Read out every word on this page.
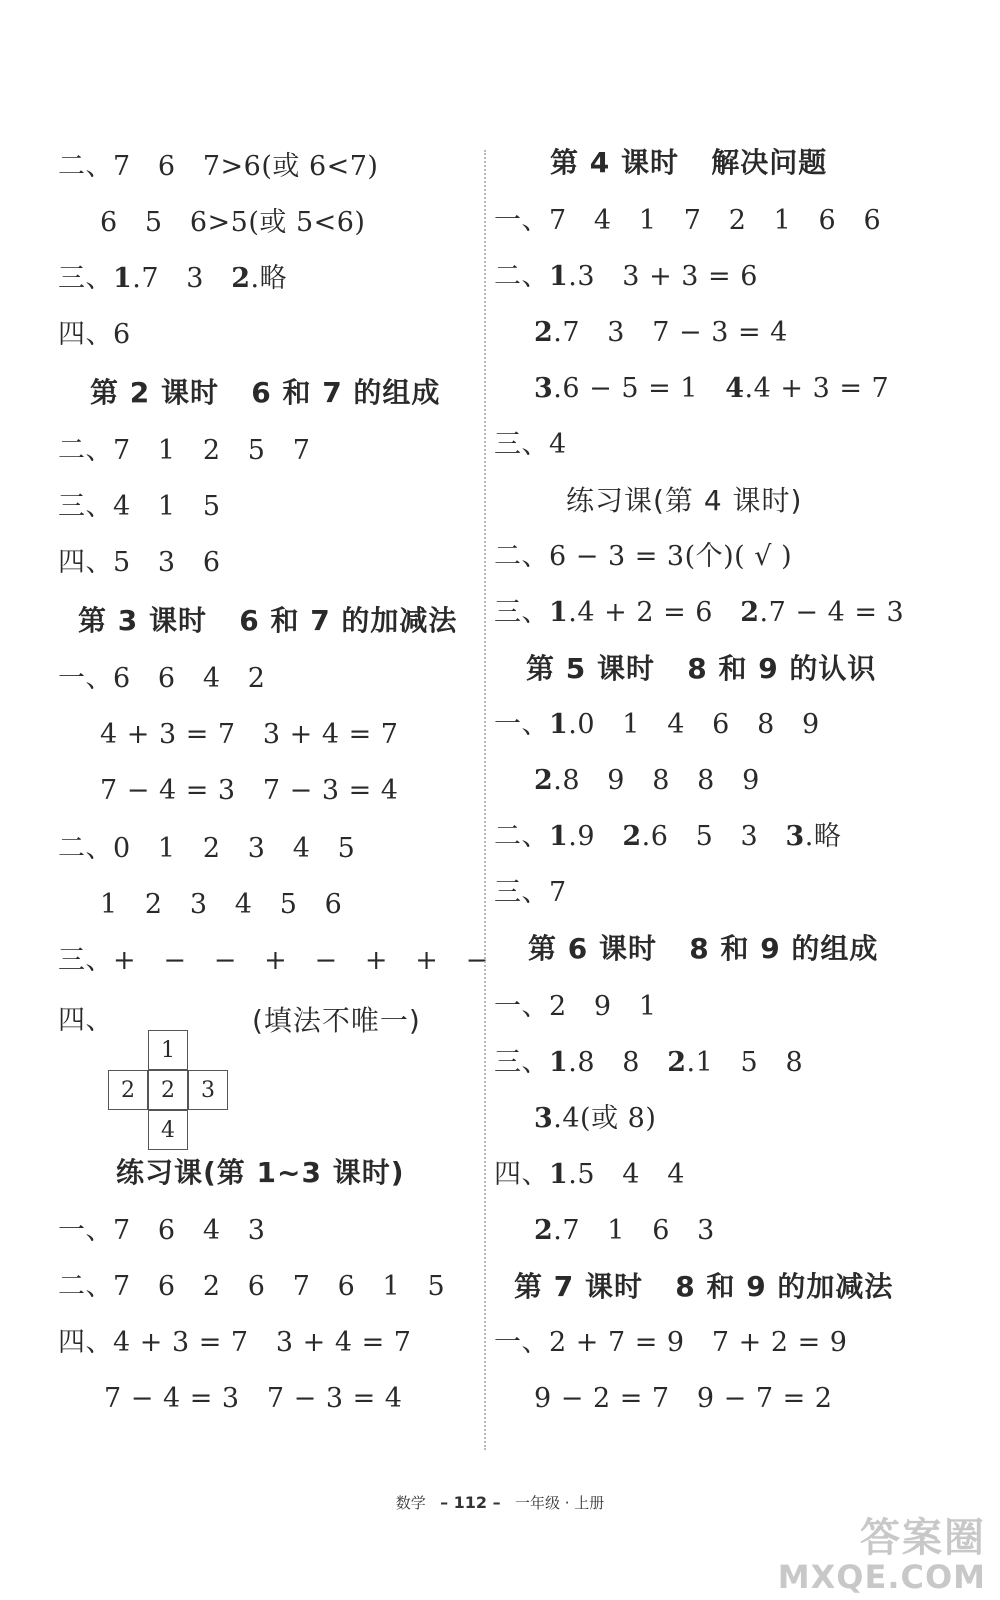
二、7   6   7>6(或 6<7)
6   5   6>5(或 5<6)
三、1.7   3   2.略
四、6
第 2 课时   6 和 7 的组成
二、7   1   2   5   7
三、4   1   5
四、5   3   6
第 3 课时   6 和 7 的加减法
一、6   6   4   2
4 + 3 = 7   3 + 4 = 7
7 − 4 = 3   7 − 3 = 4
二、0   1   2   3   4   5
1   2   3   4   5   6
三、+   −   −   +   −   +   +   −
四、	(填法不唯一)
1
2	2	3
4
练习课(第 1~3 课时)
一、7   6   4   3
二、7   6   2   6   7   6   1   5
四、4 + 3 = 7   3 + 4 = 7
7 − 4 = 3   7 − 3 = 4
第 4 课时   解决问题
一、7   4   1   7   2   1   6   6
二、1.3   3 + 3 = 6
2.7   3   7 − 3 = 4
3.6 − 5 = 1   4.4 + 3 = 7
三、4
练习课(第 4 课时)
二、6 − 3 = 3(个)( √ )
三、1.4 + 2 = 6   2.7 − 4 = 3
第 5 课时   8 和 9 的认识
一、1.0   1   4   6   8   9
2.8   9   8   8   9
二、1.9   2.6   5   3   3.略
三、7
第 6 课时   8 和 9 的组成
一、2   9   1
三、1.8   8   2.1   5   8
3.4(或 8)
四、1.5   4   4
2.7   1   6   3
第 7 课时   8 和 9 的加减法
一、2 + 7 = 9   7 + 2 = 9
9 − 2 = 7   9 − 7 = 2
数学 – 112 – 一年级 · 上册
答案圈
MXQE.COM
